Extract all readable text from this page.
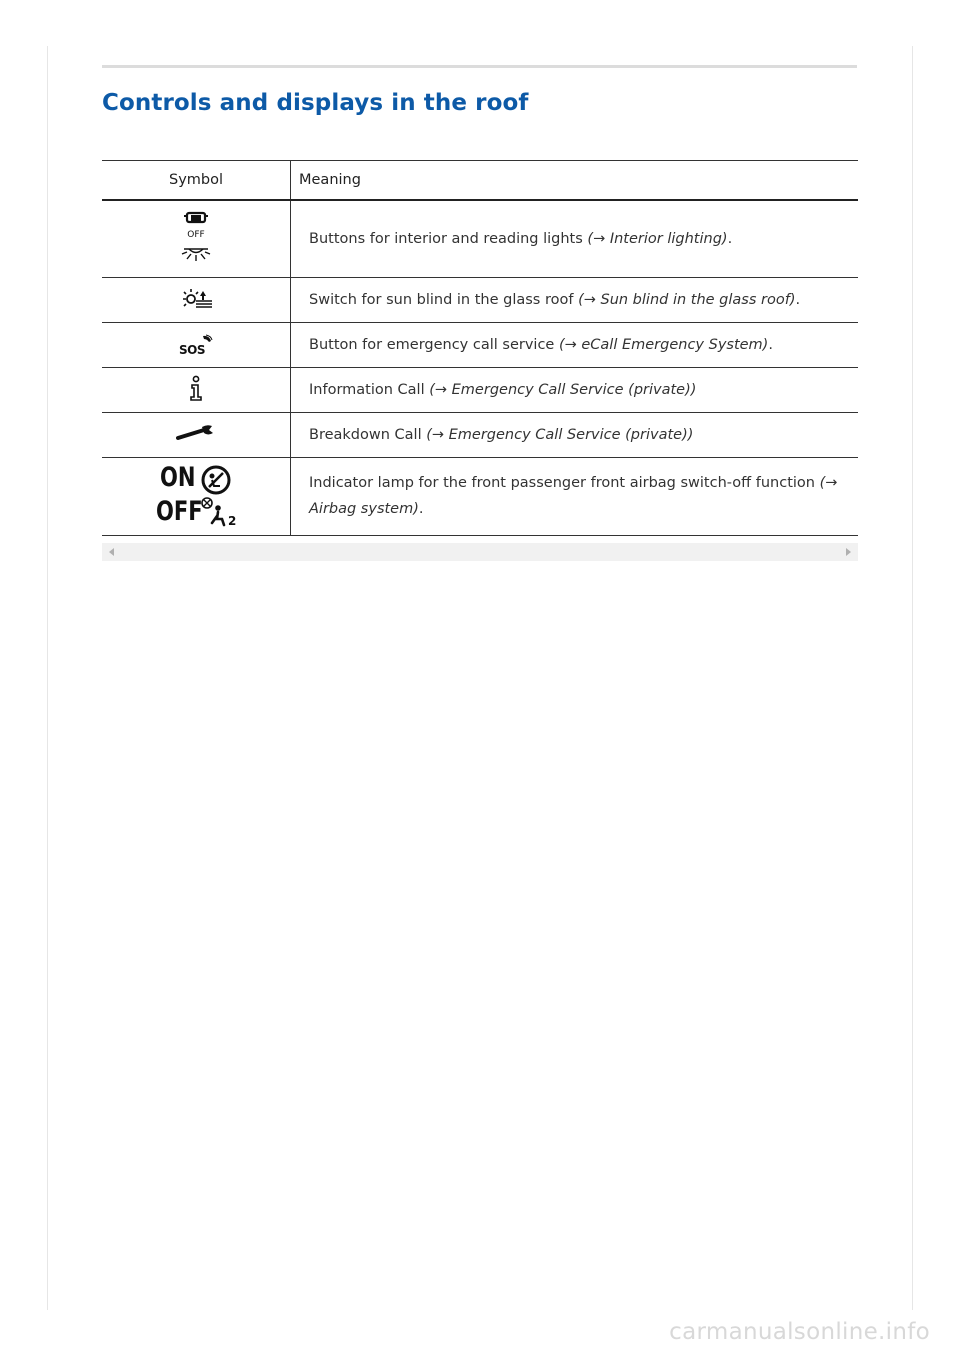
Controls and displays in the roof
Symbol	Meaning

OFF	Buttons for interior and reading lights (→ Interior lighting).
	Switch for sun blind in the glass roof (→ Sun blind in the glass roof).

SOS	Button for emergency call service (→ eCall Emergency System).
	Information Call (→ Emergency Call Service (private))
	Breakdown Call (→ Emergency Call Service (private))

ON
OFF 2	Indicator lamp for the front passenger front airbag switch-off function (→ Airbag system).
carmanualsonline.info
